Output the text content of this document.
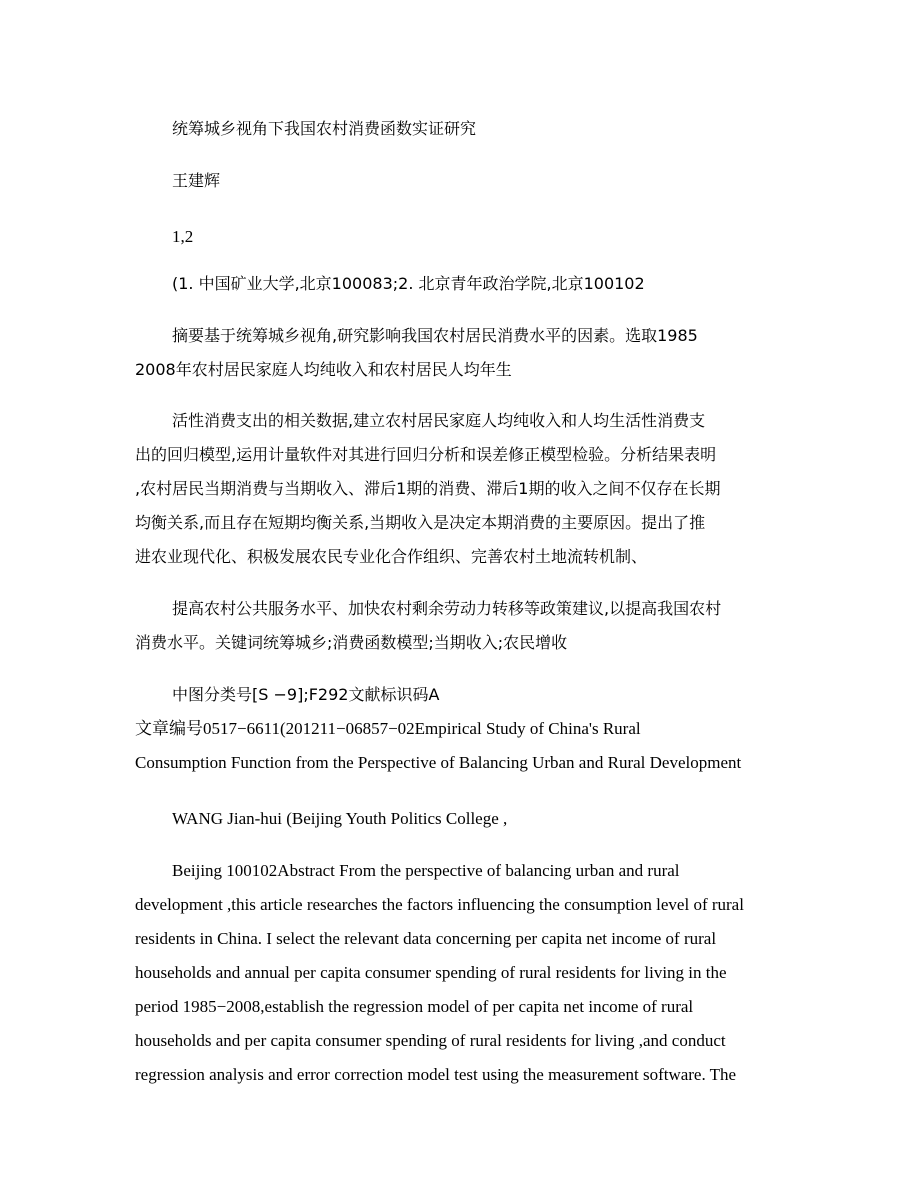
统筹城乡视角下我国农村消费函数实证研究

王建辉

1,2

(1. 中国矿业大学,北京100083;2. 北京青年政治学院,北京100102

摘要基于统筹城乡视角,研究影响我国农村居民消费水平的因素。选取1985
2008年农村居民家庭人均纯收入和农村居民人均年生
活性消费支出的相关数据,建立农村居民家庭人均纯收入和人均生活性消费支
出的回归模型,运用计量软件对其进行回归分析和误差修正模型检验。分析结果表明
,农村居民当期消费与当期收入、滞后1期的消费、滞后1期的收入之间不仅存在长期
均衡关系,而且存在短期均衡关系,当期收入是决定本期消费的主要原因。提出了推
进农业现代化、积极发展农民专业化合作组织、完善农村土地流转机制、
提高农村公共服务水平、加快农村剩余劳动力转移等政策建议,以提高我国农村
消费水平。关键词统筹城乡;消费函数模型;当期收入;农民增收
中图分类号[S −9];F292文献标识码A
文章编号0517−6611(201211−06857−02Empirical Study of China's Rural
Consumption Function from the Perspective of Balancing Urban and Rural Development

WANG Jian-hui (Beijing Youth Politics College ,

Beijing 100102Abstract From the perspective of balancing urban and rural
development ,this article researches the factors influencing the consumption level of rural
residents in China. I select the relevant data concerning per capita net income of rural
households and annual per capita consumer spending of rural residents for living in the
period 1985−2008,establish the regression model of per capita net income of rural
households and per capita consumer spending of rural residents for living ,and conduct
regression analysis and error correction model test using the measurement software. The
